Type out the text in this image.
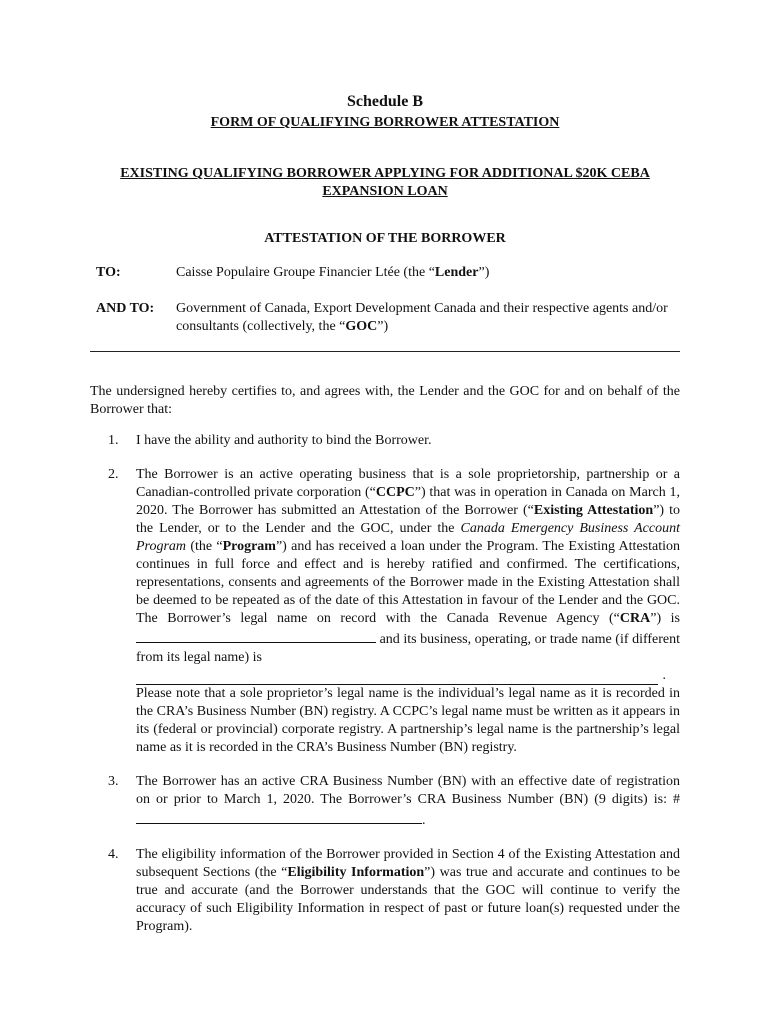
Schedule B
FORM OF QUALIFYING BORROWER ATTESTATION
EXISTING QUALIFYING BORROWER APPLYING FOR ADDITIONAL $20K CEBA EXPANSION LOAN
ATTESTATION OF THE BORROWER
TO:	Caisse Populaire Groupe Financier Ltée (the “Lender”)
AND TO: Government of Canada, Export Development Canada and their respective agents and/or consultants (collectively, the “GOC”)
The undersigned hereby certifies to, and agrees with, the Lender and the GOC for and on behalf of the Borrower that:
1. I have the ability and authority to bind the Borrower.
2. The Borrower is an active operating business that is a sole proprietorship, partnership or a Canadian-controlled private corporation (“CCPC”) that was in operation in Canada on March 1, 2020. The Borrower has submitted an Attestation of the Borrower (“Existing Attestation”) to the Lender, or to the Lender and the GOC, under the Canada Emergency Business Account Program (the “Program”) and has received a loan under the Program. The Existing Attestation continues in full force and effect and is hereby ratified and confirmed. The certifications, representations, consents and agreements of the Borrower made in the Existing Attestation shall be deemed to be repeated as of the date of this Attestation in favour of the Lender and the GOC. The Borrower’s legal name on record with the Canada Revenue Agency (“CRA”) is  and its business, operating, or trade name (if different from its legal name) is
.
Please note that a sole proprietor’s legal name is the individual’s legal name as it is recorded in the CRA’s Business Number (BN) registry. A CCPC’s legal name must be written as it appears in its (federal or provincial) corporate registry. A partnership’s legal name is the partnership’s legal name as it is recorded in the CRA’s Business Number (BN) registry.
3. The Borrower has an active CRA Business Number (BN) with an effective date of registration on or prior to March 1, 2020. The Borrower’s CRA Business Number (BN) (9 digits) is: #.
4. The eligibility information of the Borrower provided in Section 4 of the Existing Attestation and subsequent Sections (the “Eligibility Information”) was true and accurate and continues to be true and accurate (and the Borrower understands that the GOC will continue to verify the accuracy of such Eligibility Information in respect of past or future loan(s) requested under the Program).
